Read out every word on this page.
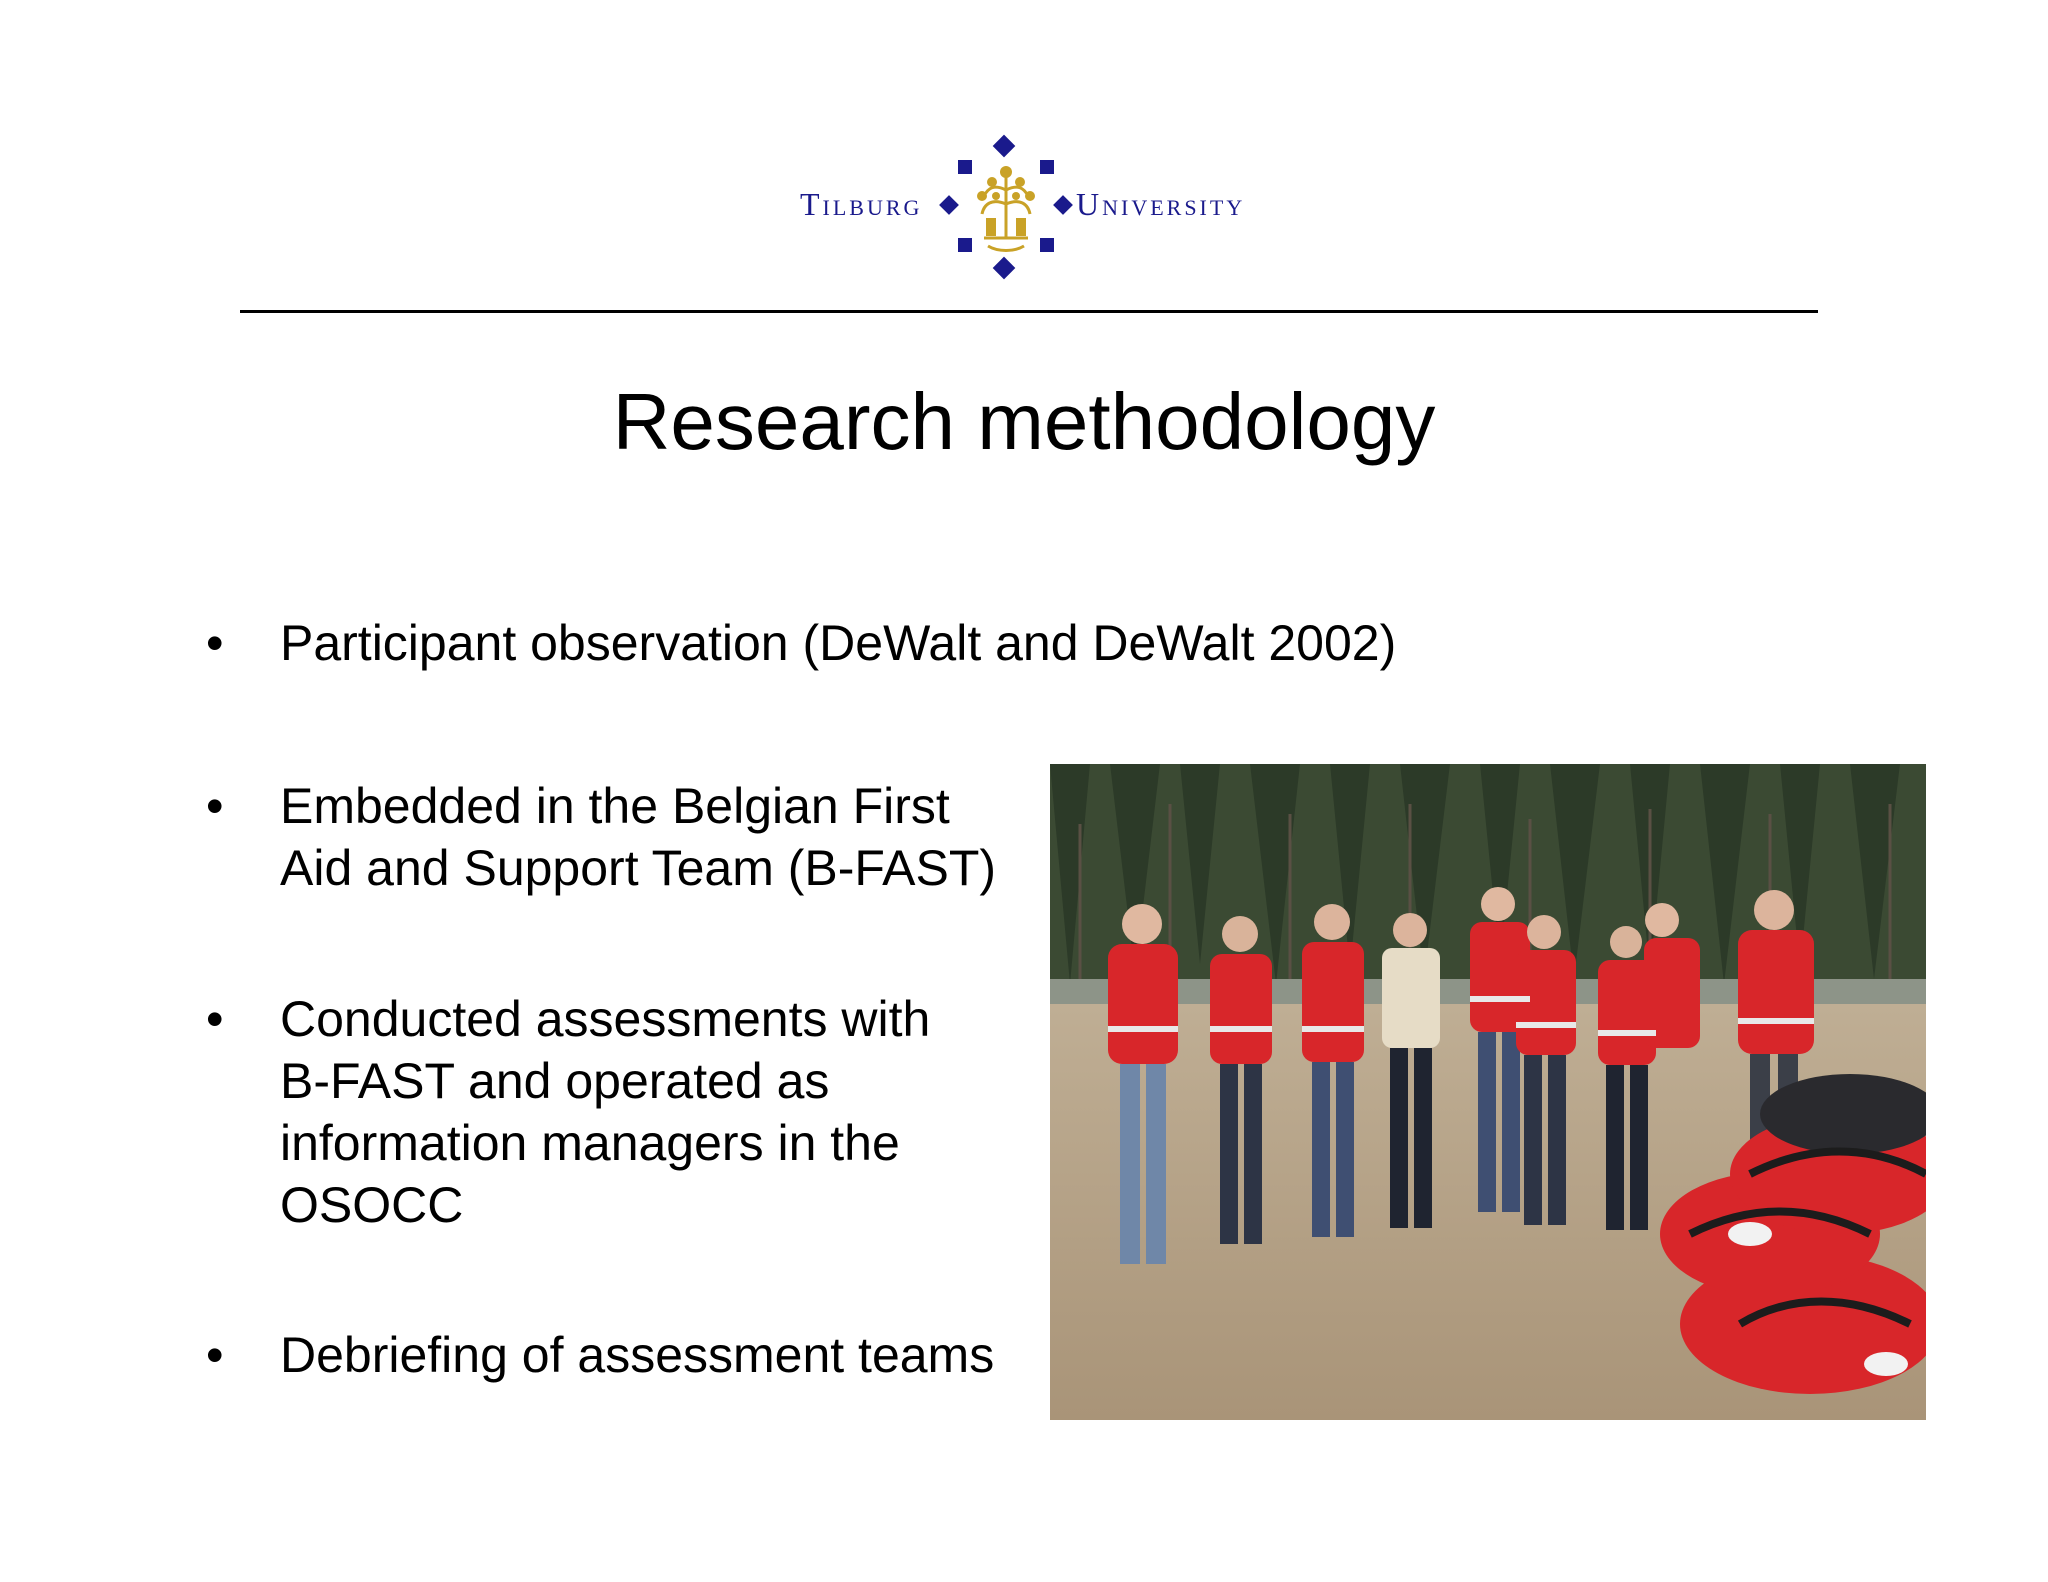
Tilburg	University
Research methodology
• Participant observation (DeWalt and DeWalt 2002)
• Embedded in the Belgian First
Aid and Support Team (B-FAST)
• Conducted assessments with
B-FAST and operated as
information managers in the
OSOCC
• Debriefing of assessment teams
